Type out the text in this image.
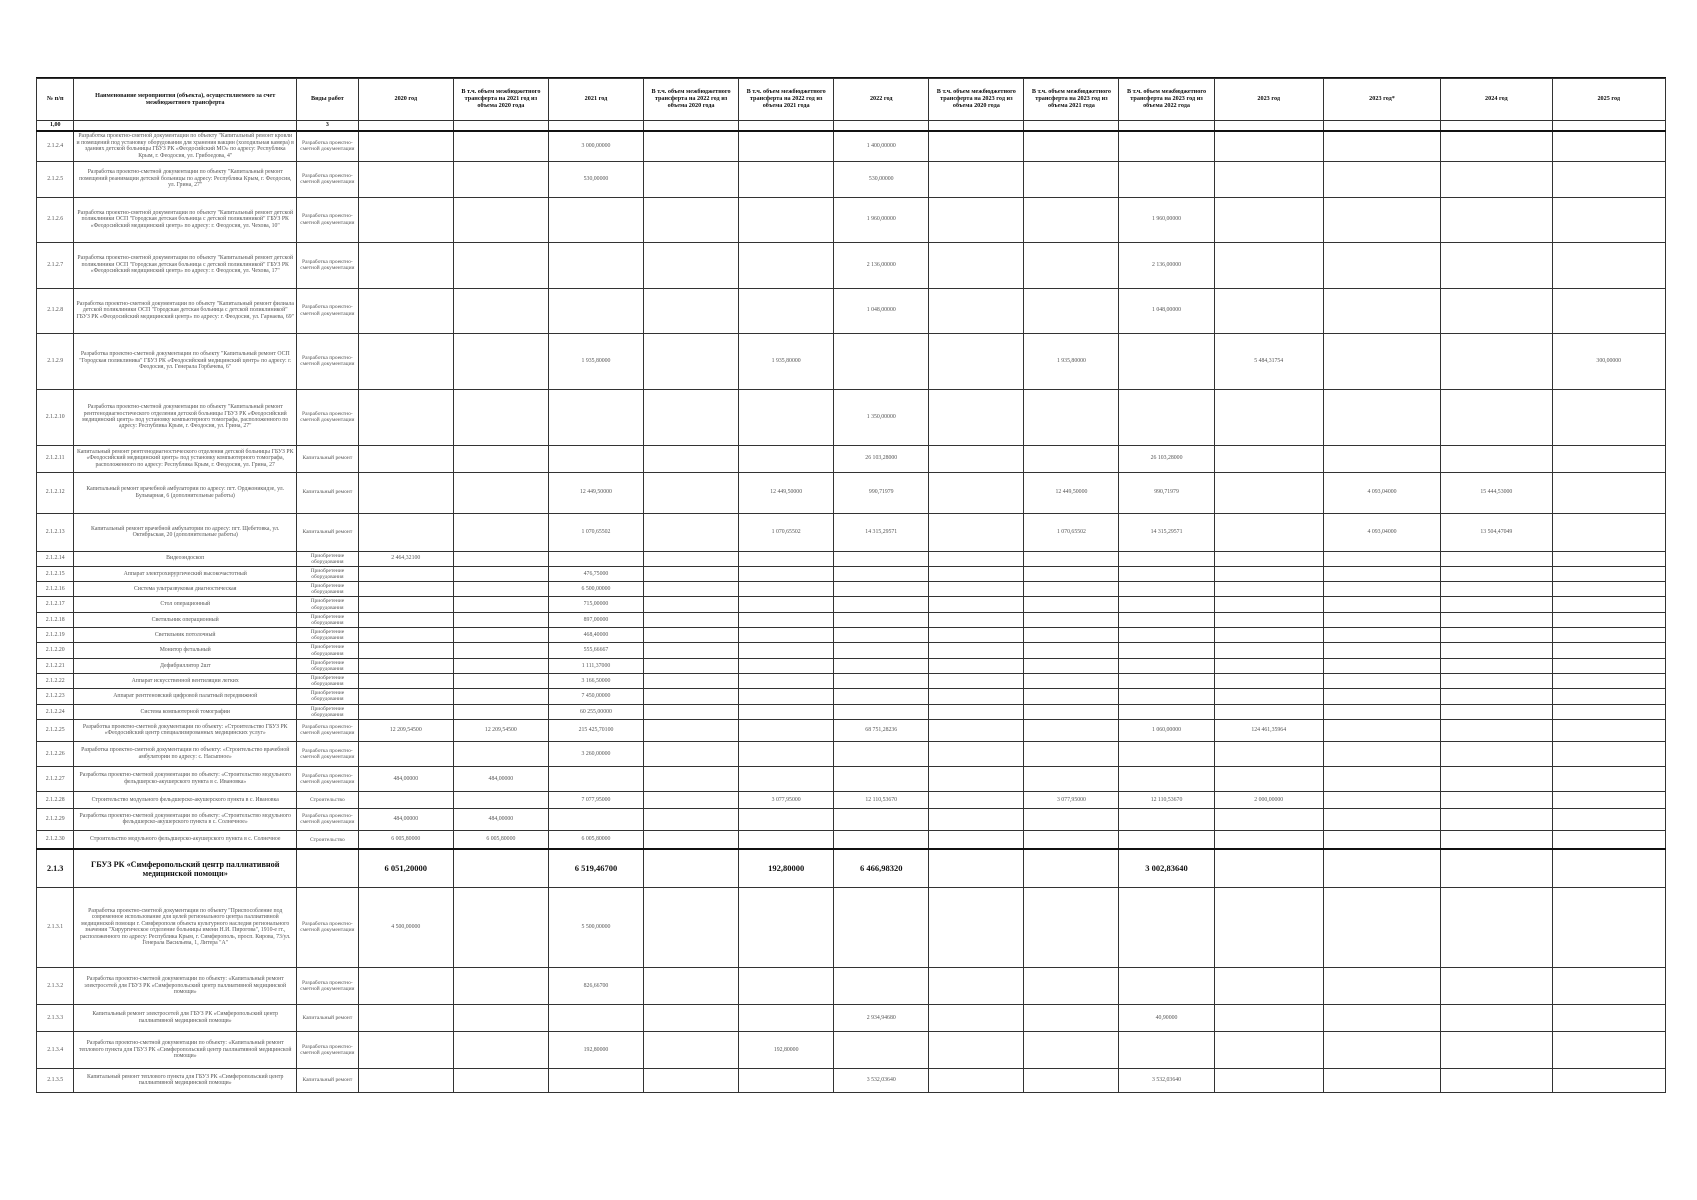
№ п/п	Наименование мероприятия (объекта), осуществляемого за счет межбюджетного трансферта	Виды работ	2020 год	В т.ч. объем межбюджетного трансферта на 2021 год из объема 2020 года	2021 год	В т.ч. объем межбюджетного трансферта на 2022 год из объема 2020 года	В т.ч. объем межбюджетного трансферта на 2022 год из объема 2021 года	2022 год	В т.ч. объем межбюджетного трансферта на 2023 год из объема 2020 года	В т.ч. объем межбюджетного трансферта на 2023 год из объема 2021 года	В т.ч. объем межбюджетного трансферта на 2023 год из объема 2022 года	2023 год	2023 год*	2024 год	2025 год
1,00		3													
2.1.2.4	Разработка проектно-сметной документации по объекту "Капитальный ремонт кровли и помещений под установку оборудования для хранения вакцин (холодильная камера) в зданиях детской больницы ГБУЗ РК «Феодосийский МО» по адресу: Республика Крым, г. Феодосия, ул. Грибоедова, 4"	Разработка проектно-сметной документации			3 000,00000			1 400,00000							
2.1.2.5	Разработка проектно-сметной документации по объекту "Капитальный ремонт помещений реанимации детской больницы по адресу: Республика Крым, г. Феодосия, ул. Грина, 27"	Разработка проектно-сметной документации			530,00000			530,00000							
2.1.2.6	Разработка проектно-сметной документации по объекту "Капитальный ремонт детской поликлиники ОСП "Городская детская больница с детской поликлиникой" ГБУЗ РК «Феодосийский медицинский центр» по адресу: г. Феодосия, ул. Чехова, 10"	Разработка проектно-сметной документации						1 960,00000			1 960,00000				
2.1.2.7	Разработка проектно-сметной документации по объекту "Капитальный ремонт детской поликлиники ОСП "Городская детская больница с детской поликлиникой" ГБУЗ РК «Феодосийский медицинский центр» по адресу: г. Феодосия, ул. Чехова, 17"	Разработка проектно-сметной документации						2 136,00000			2 136,00000				
2.1.2.8	Разработка проектно-сметной документации по объекту "Капитальный ремонт филиала детской поликлиники ОСП "Городская детская больница с детской поликлиникой" ГБУЗ РК «Феодосийский медицинский центр» по адресу: г. Феодосия, ул. Гарнаева, 69"	Разработка проектно-сметной документации						1 048,00000			1 048,00000				
2.1.2.9	Разработка проектно-сметной документации по объекту "Капитальный ремонт ОСП "Городская поликлиника" ГБУЗ РК «Феодосийский медицинский центр» по адресу: г. Феодосия, ул. Генерала Горбачева, 6"	Разработка проектно-сметной документации			1 935,80000		1 935,80000			1 935,80000		5 484,31754			300,00000
2.1.2.10	Разработка проектно-сметной документации по объекту "Капитальный ремонт рентгенодиагностического отделения детской больницы ГБУЗ РК «Феодосийский медицинский центр» под установку компьютерного томографа, расположенного по адресу: Республика Крым, г. Феодосия, ул. Грина, 27"	Разработка проектно-сметной документации						1 350,00000							
2.1.2.11	Капитальный ремонт рентгенодиагностического отделения детской больницы ГБУЗ РК «Феодосийский медицинский центр» под установку компьютерного томографа, расположенного по адресу: Республика Крым, г. Феодосия, ул. Грина, 27	Капитальный ремонт						26 103,28000			26 103,28000				
2.1.2.12	Капитальный ремонт врачебной амбулатории по адресу: пгт. Орджоникидзе, ул. Бульварная, 6 (дополнительные работы)	Капитальный ремонт			12 449,50000		12 449,50000	990,71979		12 449,50000	990,71979		4 093,04000	15 444,53000	
2.1.2.13	Капитальный ремонт врачебной амбулатории по адресу: пгт. Щебетовка, ул. Октябрьская, 20 (дополнительные работы)	Капитальный ремонт			1 070,65502		1 070,65502	14 315,29571		1 070,65502	14 315,29571		4 093,04000	13 504,47049	
2.1.2.14	Видеоэндоскоп	Приобретение оборудования	2 464,32100												
2.1.2.15	Аппарат электрохирургический высокочастотный	Приобретение оборудования			476,75000										
2.1.2.16	Система ультразвуковая диагностическая	Приобретение оборудования			6 500,00000										
2.1.2.17	Стол операционный	Приобретение оборудования			715,00000										
2.1.2.18	Светильник операционный	Приобретение оборудования			897,00000										
2.1.2.19	Светильник потолочный	Приобретение оборудования			468,40000										
2.1.2.20	Монитор фетальный	Приобретение оборудования			555,66667										
2.1.2.21	Дефибриллятор 2шт	Приобретение оборудования			1 111,37000										
2.1.2.22	Аппарат искусственной вентиляции легких	Приобретение оборудования			3 166,50000										
2.1.2.23	Аппарат рентгеновский цифровой палатный передвижной	Приобретение оборудования			7 450,00000										
2.1.2.24	Система компьютерной томографии	Приобретение оборудования			60 255,00000										
2.1.2.25	Разработка проектно-сметной документации по объекту: «Строительство ГБУЗ РК «Феодосийский центр специализированных медицинских услуг»	Разработка проектно-сметной документации	12 209,54500	12 209,54500	215 425,70100			68 751,28236			1 060,00000	124 461,35964			
2.1.2.26	Разработка проектно-сметной документации по объекту: «Строительство врачебной амбулатории по адресу: с. Насыпное»	Разработка проектно-сметной документации			3 260,00000										
2.1.2.27	Разработка проектно-сметной документации по объекту: «Строительство модульного фельдшерско-акушерского пункта в с. Ивановка»	Разработка проектно-сметной документации	484,00000	484,00000											
2.1.2.28	Строительство модульного фельдшерско-акушерского пункта в с. Ивановка	Строительство			7 077,95000		3 077,95000	12 110,53670		3 077,95000	12 110,53670	2 000,00000			
2.1.2.29	Разработка проектно-сметной документации по объекту: «Строительство модульного фельдшерско-акушерского пункта в с. Солнечное»	Разработка проектно-сметной документации	484,00000	484,00000											
2.1.2.30	Строительство модульного фельдшерско-акушерского пункта в с. Солнечное	Строительство	6 005,80000	6 005,80000	6 005,80000										
2.1.3	ГБУЗ РК «Симферопольский центр паллиативной медицинской помощи»		6 051,20000		6 519,46700		192,80000	6 466,98320			3 002,83640				
2.1.3.1	Разработка проектно-сметной документации по объекту "Приспособление под современное использование для целей регионального центра паллиативной медицинской помощи г. Симферополя объекта культурного наследия регионального значения "Хирургическое отделение больницы имени Н.И. Пирогова", 1910-е гг., расположенного по адресу: Республика Крым, г. Симферополь, просп. Кирова, 73/ул. Генерала Васильева, 1, Литера "А"	Разработка проектно-сметной документации	4 500,00000		5 500,00000										
2.1.3.2	Разработка проектно-сметной документации по объекту: «Капитальный ремонт электросетей для ГБУЗ РК «Симферопольский центр паллиативной медицинской помощи»	Разработка проектно-сметной документации			826,66700										
2.1.3.3	Капитальный ремонт электросетей для ГБУЗ РК «Симферопольский центр паллиативной медицинской помощи»	Капитальный ремонт						2 934,94680			40,90000				
2.1.3.4	Разработка проектно-сметной документации по объекту: «Капитальный ремонт теплового пункта для ГБУЗ РК «Симферопольский центр паллиативной медицинской помощи»	Разработка проектно-сметной документации			192,80000		192,80000								
2.1.3.5	Капитальный ремонт теплового пункта для ГБУЗ РК «Симферопольский центр паллиативной медицинской помощи»	Капитальный ремонт						3 532,03640			3 532,03640				
